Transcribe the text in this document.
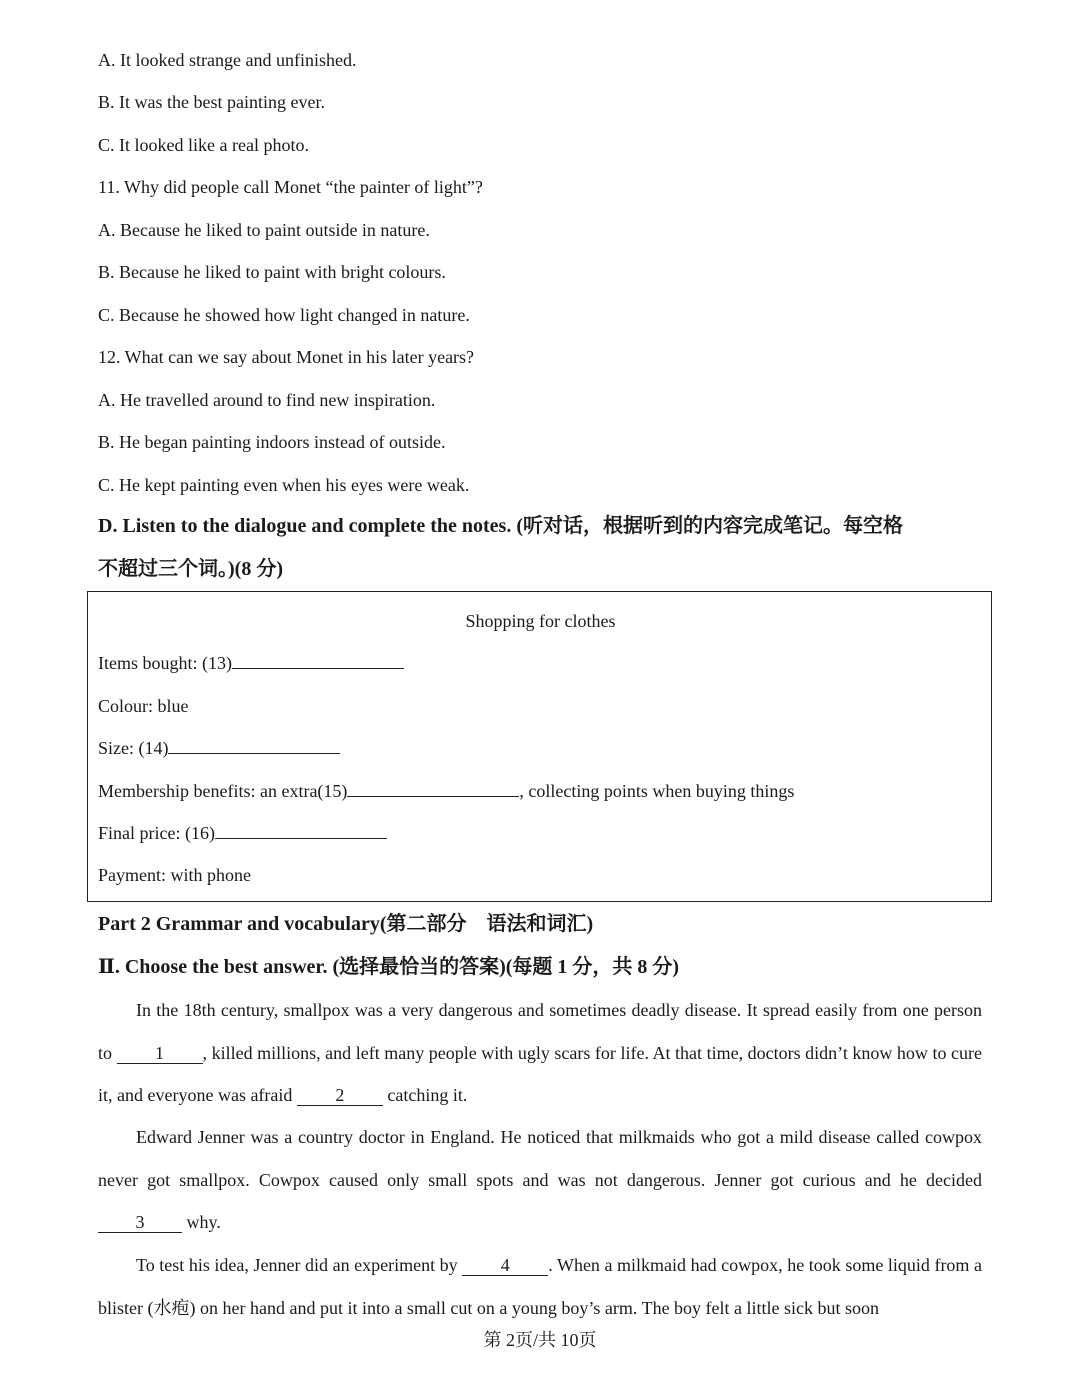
A. It looked strange and unfinished.
B. It was the best painting ever.
C. It looked like a real photo.
11. Why did people call Monet “the painter of light”?
A. Because he liked to paint outside in nature.
B. Because he liked to paint with bright colours.
C. Because he showed how light changed in nature.
12. What can we say about Monet in his later years?
A. He travelled around to find new inspiration.
B. He began painting indoors instead of outside.
C. He kept painting even when his eyes were weak.
D. Listen to the dialogue and complete the notes. (听对话，根据听到的内容完成笔记。每空格
不超过三个词。)(8 分)
Shopping for clothes
Items bought: (13)
Colour: blue
Size: (14)
Membership benefits: an extra(15)	, collecting points when buying things
Final price: (16)
Payment: with phone
Part 2 Grammar and vocabulary(第二部分　语法和词汇)
Ⅱ. Choose the best answer. (选择最恰当的答案)(每题 1 分，共 8 分)
In the 18th century, smallpox was a very dangerous and sometimes deadly disease. It spread easily from one person to 1 , killed millions, and left many people with ugly scars for life. At that time, doctors didn’t know how to cure it, and everyone was afraid 2 catching it.
Edward Jenner was a country doctor in England. He noticed that milkmaids who got a mild disease called cowpox never got smallpox. Cowpox caused only small spots and was not dangerous. Jenner got curious and he decided 3 why.
To test his idea, Jenner did an experiment by 4 . When a milkmaid had cowpox, he took some liquid from a blister (水疱) on her hand and put it into a small cut on a young boy’s arm. The boy felt a little sick but soon
第 2页/共 10页
